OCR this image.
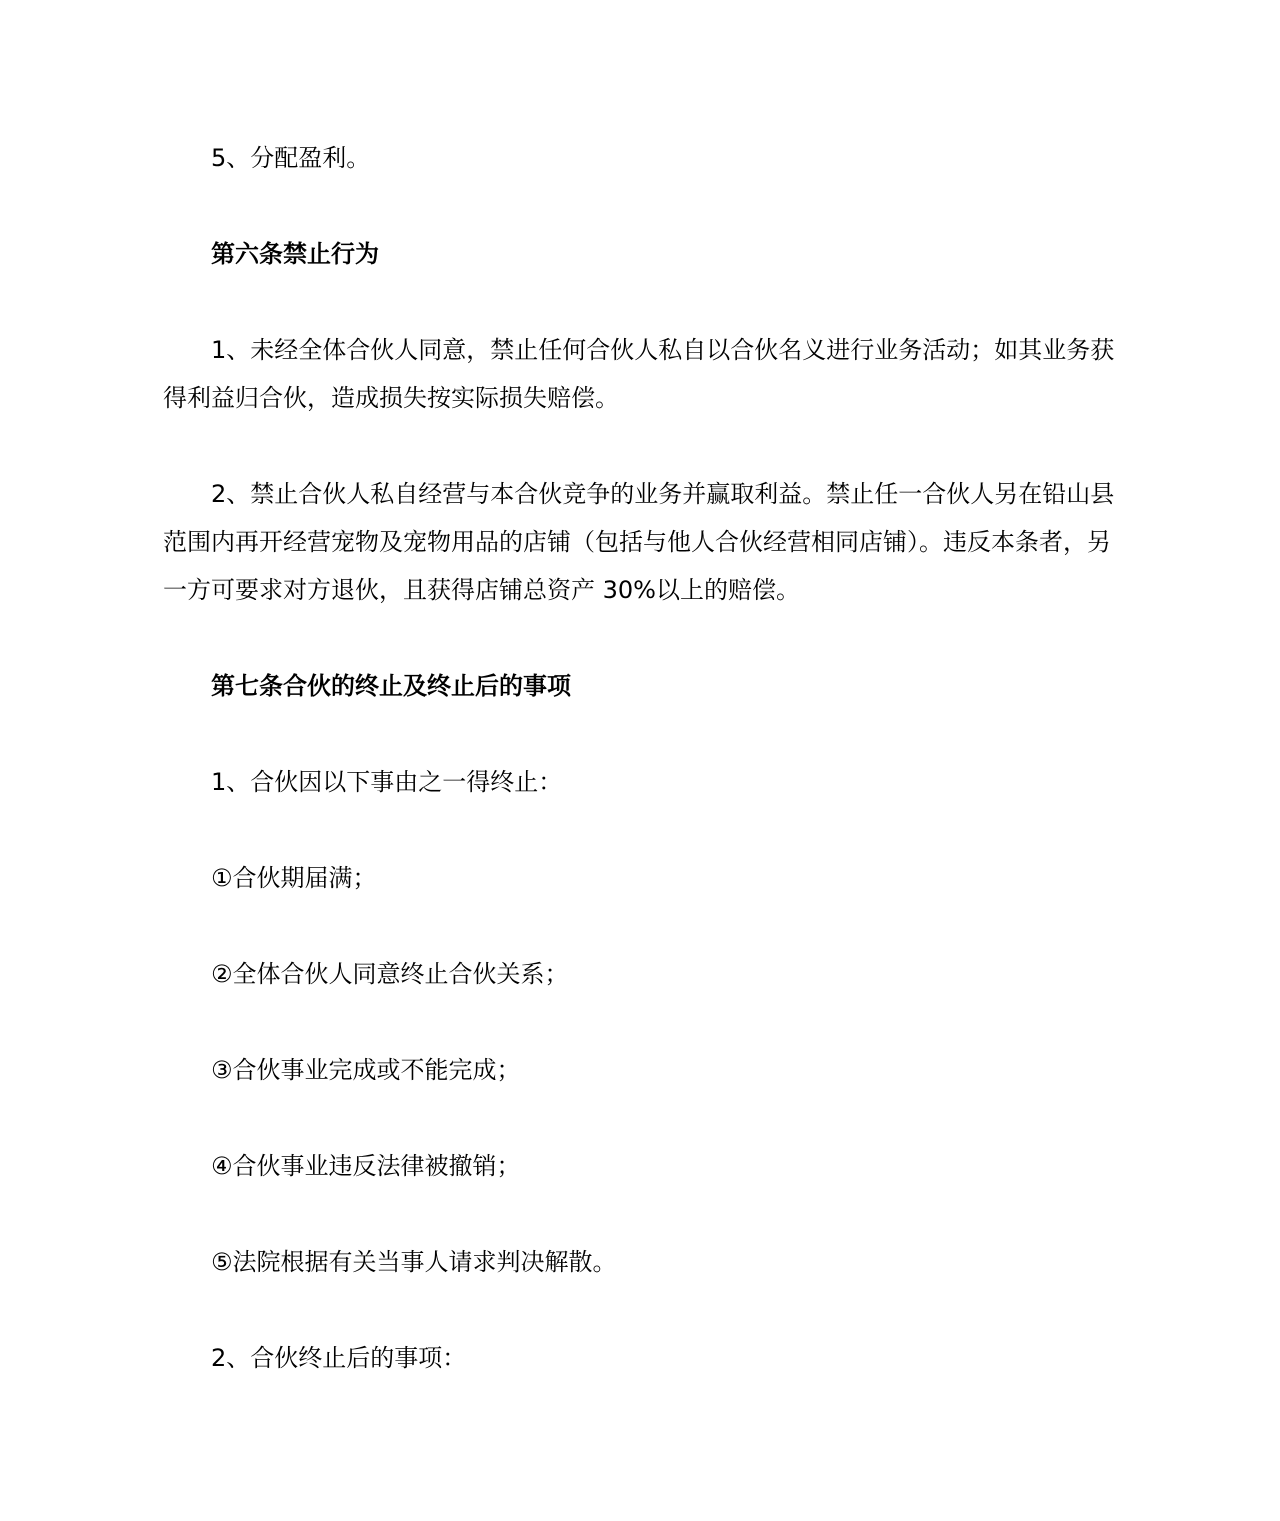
5、分配盈利。

第六条禁止行为

1、未经全体合伙人同意，禁止任何合伙人私自以合伙名义进行业务活动；如其业务获得利益归合伙，造成损失按实际损失赔偿。

2、禁止合伙人私自经营与本合伙竞争的业务并赢取利益。禁止任一合伙人另在铅山县范围内再开经营宠物及宠物用品的店铺（包括与他人合伙经营相同店铺）。违反本条者，另一方可要求对方退伙，且获得店铺总资产 30%以上的赔偿。

第七条合伙的终止及终止后的事项

1、合伙因以下事由之一得终止：

①合伙期届满；

②全体合伙人同意终止合伙关系；

③合伙事业完成或不能完成；

④合伙事业违反法律被撤销；

⑤法院根据有关当事人请求判决解散。

2、合伙终止后的事项：
